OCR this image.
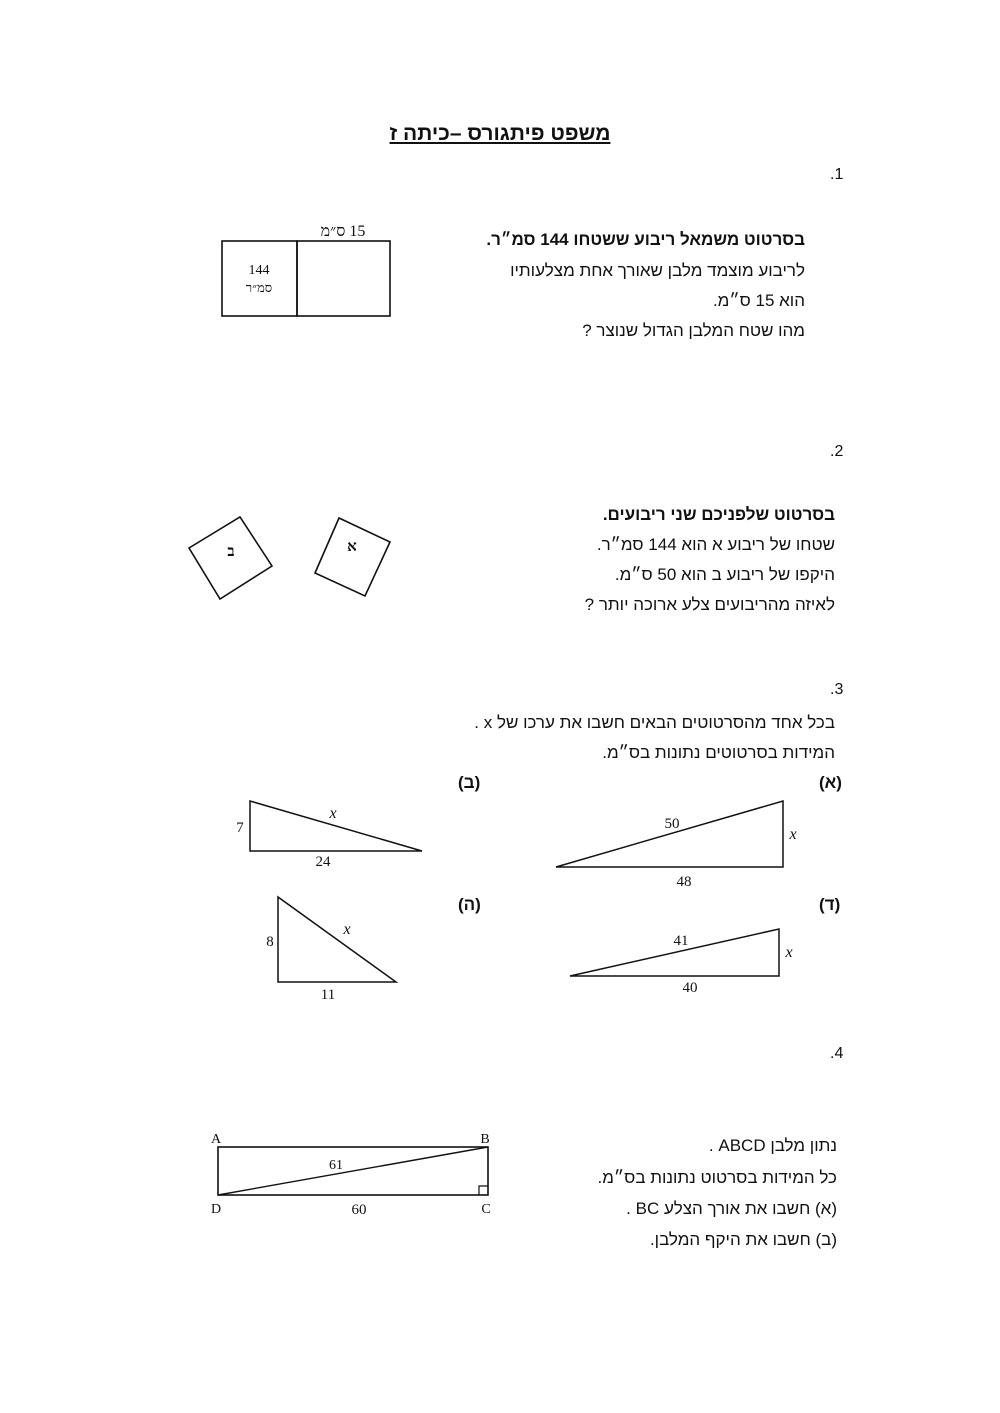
משפט פיתגורס –כיתה ז
.1
בסרטוט משמאל ריבוע ששטחו 144 סמ״ר.
לריבוע מוצמד מלבן שאורך אחת מצלעותיו
הוא 15 ס״מ.
מהו שטח המלבן הגדול שנוצר ?
.2
בסרטוט שלפניכם שני ריבועים.
שטחו של ריבוע א הוא 144 סמ״ר.
היקפו של ריבוע ב הוא 50 ס״מ.
לאיזה מהריבועים צלע ארוכה יותר ?
.3
בכל אחד מהסרטוטים הבאים חשבו את ערכו של x .
המידות בסרטוטים נתונות בס״מ.
(א)
(ב)
(ד)
(ה)
.4
נתון מלבן ABCD .
כל המידות בסרטוט נתונות בס״מ.
(א) חשבו את אורך הצלע BC .
(ב) חשבו את היקף המלבן.
15 ס״מ
144
סמ״ר
ב	א
50
48
x
x
24
7
41
40
x
x
11
8
A	B
C
D
61
60
